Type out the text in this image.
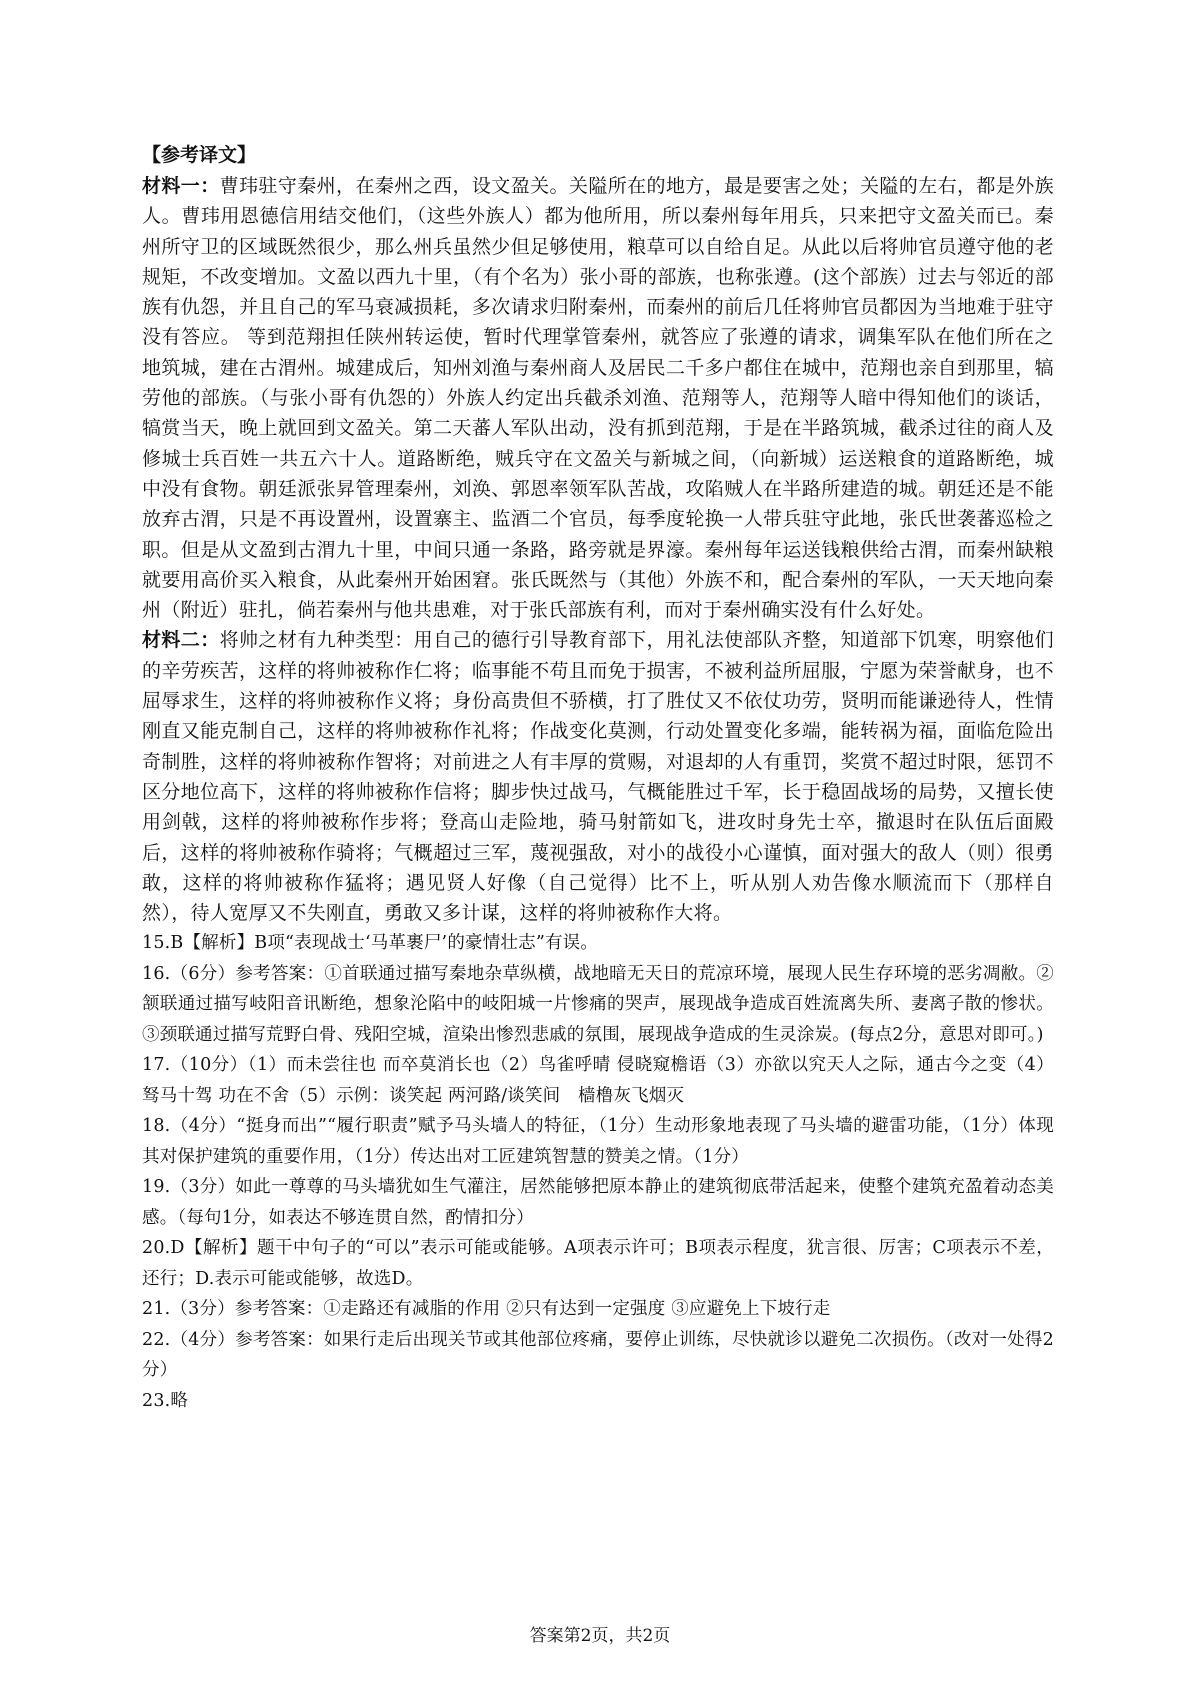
【参考译文】

材料一：曹玮驻守秦州，在秦州之西，设文盈关。关隘所在的地方，最是要害之处；关隘的左右，都是外族人。曹玮用恩德信用结交他们，（这些外族人）都为他所用，所以秦州每年用兵，只来把守文盈关而已。秦州所守卫的区域既然很少，那么州兵虽然少但足够使用，粮草可以自给自足。从此以后将帅官员遵守他的老规矩，不改变增加。文盈以西九十里，（有个名为）张小哥的部族，也称张遵。(这个部族）过去与邻近的部族有仇怨，并且自己的军马衰减损耗，多次请求归附秦州，而秦州的前后几任将帅官员都因为当地难于驻守没有答应。 等到范翔担任陕州转运使，暂时代理掌管秦州，就答应了张遵的请求，调集军队在他们所在之地筑城，建在古渭州。城建成后，知州刘渔与秦州商人及居民二千多户都住在城中，范翔也亲自到那里，犒劳他的部族。（与张小哥有仇怨的）外族人约定出兵截杀刘渔、范翔等人，范翔等人暗中得知他们的谈话，犒赏当天，晚上就回到文盈关。第二天蕃人军队出动，没有抓到范翔，于是在半路筑城，截杀过往的商人及修城士兵百姓一共五六十人。道路断绝，贼兵守在文盈关与新城之间，（向新城）运送粮食的道路断绝，城中没有食物。朝廷派张昇管理秦州，刘涣、郭恩率领军队苦战，攻陷贼人在半路所建造的城。朝廷还是不能放弃古渭，只是不再设置州，设置寨主、监酒二个官员，每季度轮换一人带兵驻守此地，张氏世袭蕃巡检之职。但是从文盈到古渭九十里，中间只通一条路，路旁就是界濠。秦州每年运送钱粮供给古渭，而秦州缺粮就要用高价买入粮食，从此秦州开始困窘。张氏既然与（其他）外族不和，配合秦州的军队，一天天地向秦州（附近）驻扎，倘若秦州与他共患难，对于张氏部族有利，而对于秦州确实没有什么好处。

材料二：将帅之材有九种类型：用自己的德行引导教育部下，用礼法使部队齐整，知道部下饥寒，明察他们的辛劳疾苦，这样的将帅被称作仁将；临事能不苟且而免于损害，不被利益所屈服，宁愿为荣誉献身，也不屈辱求生，这样的将帅被称作义将；身份高贵但不骄横，打了胜仗又不依仗功劳，贤明而能谦逊待人，性情刚直又能克制自己，这样的将帅被称作礼将；作战变化莫测，行动处置变化多端，能转祸为福，面临危险出奇制胜，这样的将帅被称作智将；对前进之人有丰厚的赏赐，对退却的人有重罚，奖赏不超过时限，惩罚不区分地位高下，这样的将帅被称作信将；脚步快过战马，气概能胜过千军，长于稳固战场的局势，又擅长使用剑戟，这样的将帅被称作步将；登高山走险地，骑马射箭如飞，进攻时身先士卒，撤退时在队伍后面殿后，这样的将帅被称作骑将；气概超过三军，蔑视强敌，对小的战役小心谨慎，面对强大的敌人（则）很勇敢，这样的将帅被称作猛将；遇见贤人好像（自己觉得）比不上，听从别人劝告像水顺流而下（那样自然），待人宽厚又不失刚直，勇敢又多计谋，这样的将帅被称作大将。

15.B【解析】B项“表现战士‘马革裹尸’的豪情壮志”有误。

16.（6分）参考答案：①首联通过描写秦地杂草纵横，战地暗无天日的荒凉环境，展现人民生存环境的恶劣凋敝。②颔联通过描写岐阳音讯断绝，想象沦陷中的岐阳城一片惨痛的哭声，展现战争造成百姓流离失所、妻离子散的惨状。③颈联通过描写荒野白骨、残阳空城，渲染出惨烈悲戚的氛围，展现战争造成的生灵涂炭。(每点2分，意思对即可。)

17.（10分）（1）而未尝往也 而卒莫消长也（2）鸟雀呼晴 侵晓窥檐语（3）亦欲以究天人之际，通古今之变（4）驽马十驾 功在不舍（5）示例：谈笑起 两河路/谈笑间　樯橹灰飞烟灭

18.（4分）“挺身而出”“履行职责”赋予马头墙人的特征，（1分）生动形象地表现了马头墙的避雷功能，（1分）体现其对保护建筑的重要作用，（1分）传达出对工匠建筑智慧的赞美之情。（1分）

19.（3分）如此一尊尊的马头墙犹如生气灌注，居然能够把原本静止的建筑彻底带活起来，使整个建筑充盈着动态美感。（每句1分，如表达不够连贯自然，酌情扣分）

20.D【解析】题干中句子的“可以”表示可能或能够。A项表示许可；B项表示程度，犹言很、厉害；C项表示不差，还行；D.表示可能或能够，故选D。

21.（3分）参考答案：①走路还有减脂的作用 ②只有达到一定强度 ③应避免上下坡行走

22.（4分）参考答案：如果行走后出现关节或其他部位疼痛，要停止训练，尽快就诊以避免二次损伤。（改对一处得2分）

23.略

答案第2页，共2页
